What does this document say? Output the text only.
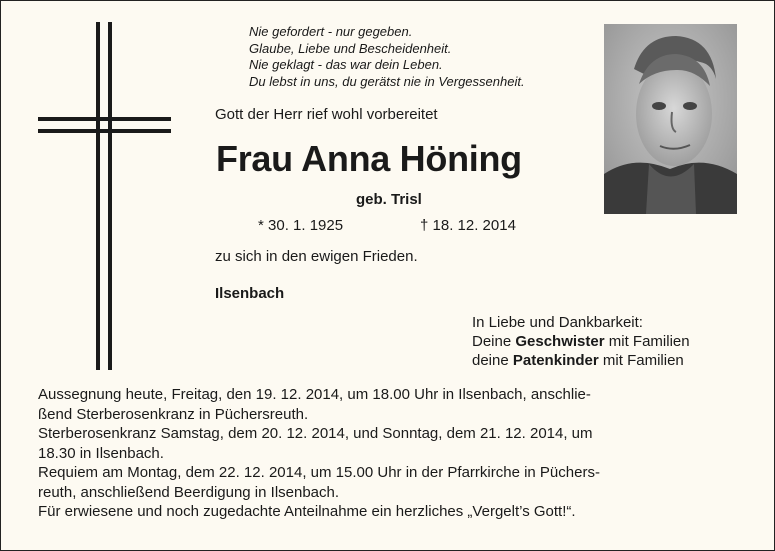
Nie gefordert - nur gegeben.
Glaube, Liebe und Bescheidenheit.
Nie geklagt - das war dein Leben.
Du lebst in uns, du gerätst nie in Vergessenheit.
Gott der Herr rief wohl vorbereitet
Frau Anna Höning
geb. Trisl
* 30. 1. 1925	† 18. 12. 2014
zu sich in den ewigen Frieden.
Ilsenbach
In Liebe und Dankbarkeit:
Deine Geschwister mit Familien
deine Patenkinder mit Familien
Aussegnung heute, Freitag, den 19. 12. 2014, um 18.00 Uhr in Ilsenbach, anschlie-
ßend Sterberosenkranz in Püchersreuth.
Sterberosenkranz Samstag, dem 20. 12. 2014, und Sonntag, dem 21. 12. 2014, um
18.30 in Ilsenbach.
Requiem am Montag, dem 22. 12. 2014, um 15.00 Uhr in der Pfarrkirche in Püchers-
reuth, anschließend Beerdigung in Ilsenbach.
Für erwiesene und noch zugedachte Anteilnahme ein herzliches „Vergelt’s Gott!“.
